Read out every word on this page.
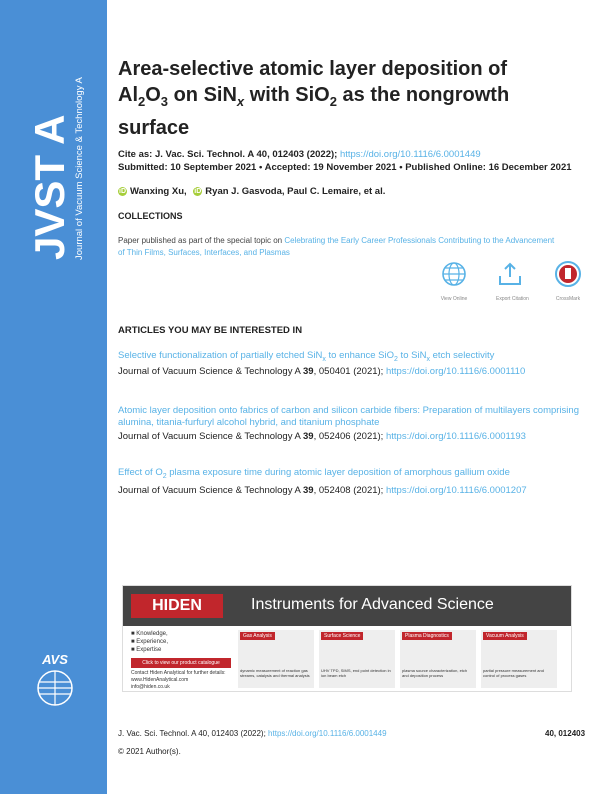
JVST A Journal of Vacuum Science & Technology A
AVS
Area-selective atomic layer deposition of
$Al_2O_3$ on SiN$_x$ with SiO$_2$ as the nongrowth
surface
Cite as: J. Vac. Sci. Technol. A 40, 012403 (2022); https://doi.org/10.1116/6.0001449
Submitted: 10 September 2021 • Accepted: 19 November 2021 • Published Online: 16 December 2021
iD Wanxing Xu, iD Ryan J. Gasvoda, Paul C. Lemaire, et al.
COLLECTIONS
Paper published as part of the special topic on Celebrating the Early Career Professionals Contributing to the Advancement of Thin Films, Surfaces, Interfaces, and Plasmas
View Online	Export Citation	CrossMark
ARTICLES YOU MAY BE INTERESTED IN
Selective functionalization of partially etched SiN$_x$ to enhance SiO$_2$ to SiN$_x$ etch selectivity
Journal of Vacuum Science & Technology A 39, 050401 (2021); https://doi.org/10.1116/6.0001110
Atomic layer deposition onto fabrics of carbon and silicon carbide fibers: Preparation of multilayers comprising alumina, titania-furfuryl alcohol hybrid, and titanium phosphate
Journal of Vacuum Science & Technology A 39, 052406 (2021); https://doi.org/10.1116/6.0001193
Effect of $O_2$ plasma exposure time during atomic layer deposition of amorphous gallium oxide
Journal of Vacuum Science & Technology A 39, 052408 (2021); https://doi.org/10.1116/6.0001207
HIDEN	Instruments for Advanced Science
■ Knowledge,
■ Experience,
■ Expertise
Click to view our product catalogue
Contact Hiden Analytical for further details:
www.HidenAnalytical.com
info@hiden.co.uk
Gas Analysis
dynamic measurement of reaction gas streams, catalysis and thermal analysis
Surface Science
UHV TPD, SIMS, end point detection in ion beam etch
Plasma Diagnostics
plasma source characterization, etch and deposition process
Vacuum Analysis
partial pressure measurement and control of process gases
J. Vac. Sci. Technol. A 40, 012403 (2022); https://doi.org/10.1116/6.0001449	40, 012403
© 2021 Author(s).
